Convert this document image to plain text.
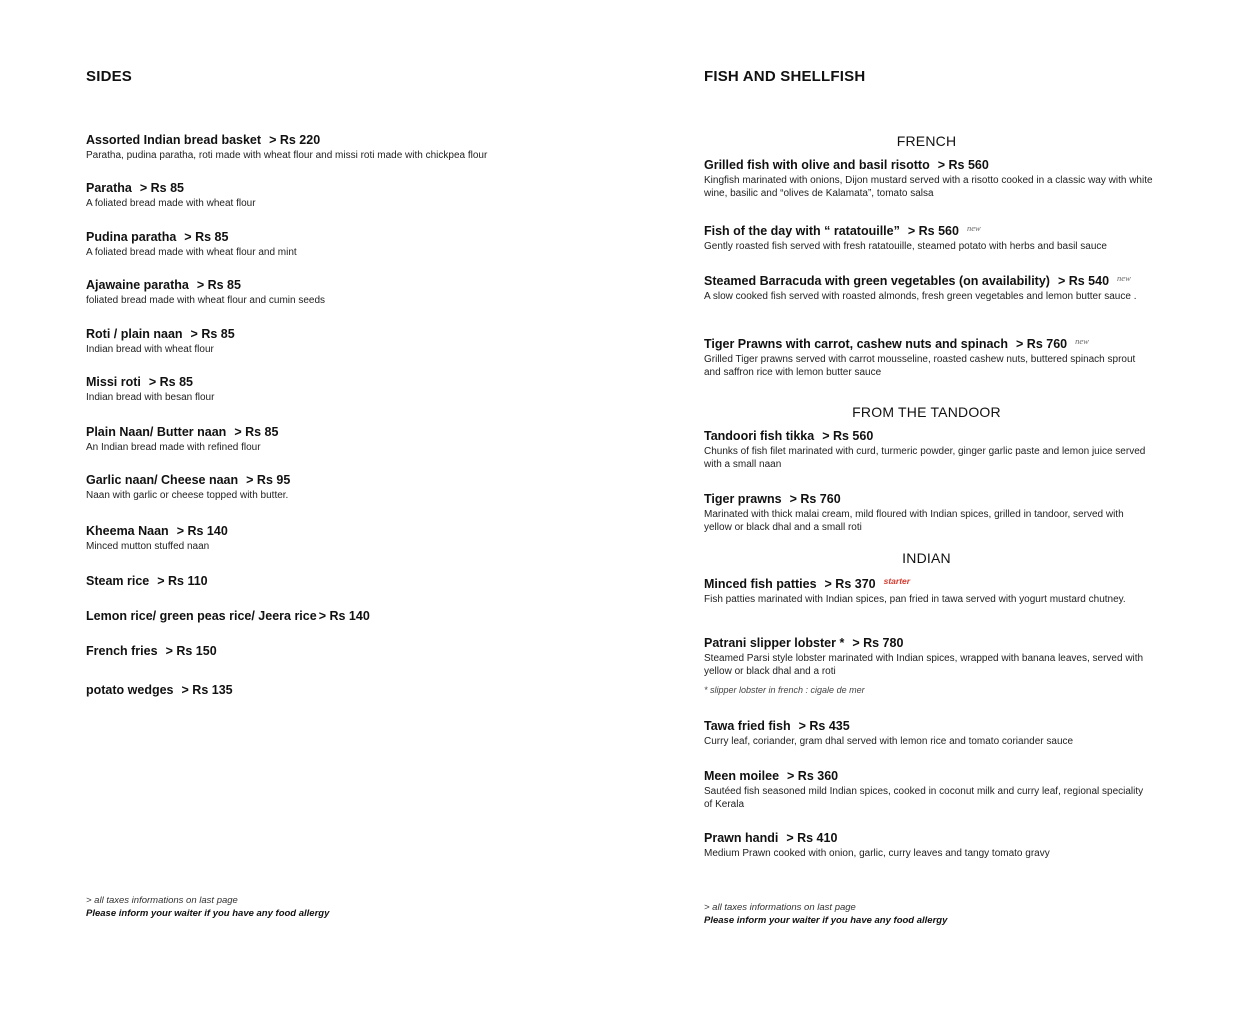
SIDES
Assorted Indian bread basket > Rs 220
Paratha, pudina paratha, roti made with wheat flour and missi roti made with chickpea flour
Paratha > Rs 85
A foliated bread made with wheat flour
Pudina paratha > Rs 85
A foliated bread made with wheat flour and mint
Ajawaine paratha > Rs 85
foliated bread made with wheat flour and cumin seeds
Roti / plain naan > Rs 85
Indian bread with wheat flour
Missi roti > Rs 85
Indian bread with besan flour
Plain Naan/ Butter naan > Rs 85
An Indian bread made with refined flour
Garlic naan/ Cheese naan > Rs 95
Naan with garlic or cheese topped with butter.
Kheema Naan > Rs 140
Minced mutton stuffed naan
Steam rice > Rs 110
Lemon rice/ green peas rice/ Jeera rice > Rs 140
French fries > Rs 150
potato wedges > Rs 135
> all taxes informations on last page
Please inform your waiter if you have any food allergy
FISH AND SHELLFISH
FRENCH
Grilled fish with olive and basil risotto > Rs 560
Kingfish marinated with onions, Dijon mustard served with a risotto cooked in a classic way with white wine, basilic and “olives de Kalamata”, tomato salsa
Fish of the day with “ ratatouille” > Rs 560 $^{new}$
Gently roasted fish served with fresh ratatouille, steamed potato with herbs and basil sauce
Steamed Barracuda with green vegetables (on availability) > Rs 540 $^{new}$
A slow cooked fish served with roasted almonds, fresh green vegetables and lemon butter sauce .
Tiger Prawns with carrot, cashew nuts and spinach > Rs 760 $^{new}$
Grilled Tiger prawns served with carrot mousseline, roasted cashew nuts, buttered spinach sprout and saffron rice with lemon butter sauce
FROM THE TANDOOR
Tandoori fish tikka > Rs 560
Chunks of fish filet marinated with curd, turmeric powder, ginger garlic paste and lemon juice served with a small naan
Tiger prawns > Rs 760
Marinated with thick malai cream, mild floured with Indian spices, grilled in tandoor, served with yellow or black dhal and a small roti
INDIAN
Minced fish patties > Rs 370 $^{starter}$
Fish patties marinated with Indian spices, pan fried in tawa served with yogurt mustard chutney.
Patrani slipper lobster * > Rs 780
Steamed Parsi style lobster marinated with Indian spices, wrapped with banana leaves, served with yellow or black dhal and a roti
* slipper lobster in french : cigale de mer
Tawa fried fish > Rs 435
Curry leaf, coriander, gram dhal served with lemon rice and tomato coriander sauce
Meen moilee > Rs 360
Sautéed fish seasoned mild Indian spices, cooked in coconut milk and curry leaf, regional speciality of Kerala
Prawn handi > Rs 410
Medium Prawn cooked with onion, garlic, curry leaves and tangy tomato gravy
> all taxes informations on last page
Please inform your waiter if you have any food allergy
